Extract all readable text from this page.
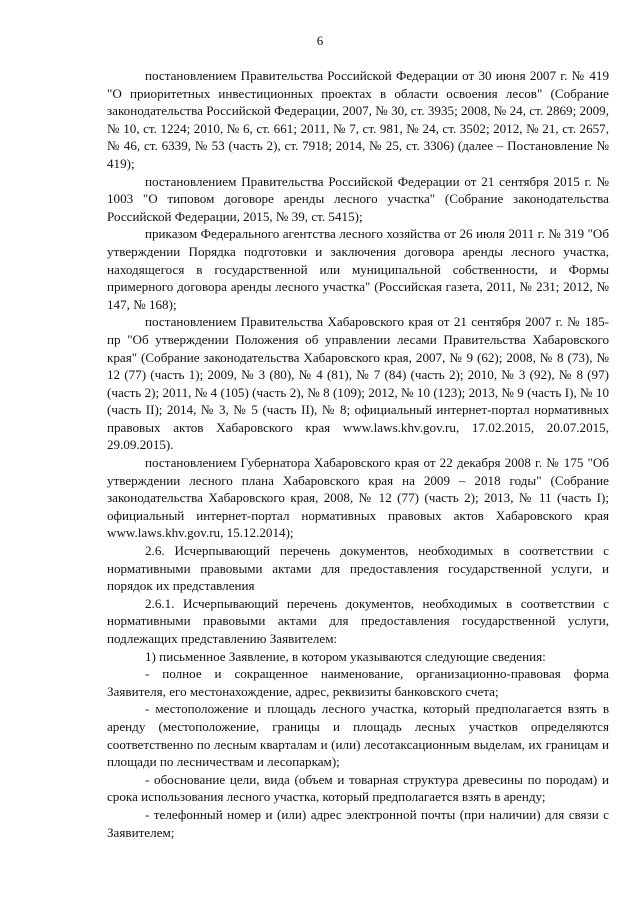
6

постановлением Правительства Российской Федерации от 30 июня 2007 г. № 419 "О приоритетных инвестиционных проектах в области освоения лесов" (Собрание законодательства Российской Федерации, 2007, № 30, ст. 3935; 2008, № 24, ст. 2869; 2009, № 10, ст. 1224; 2010, № 6, ст. 661; 2011, № 7, ст. 981, № 24, ст. 3502; 2012, № 21, ст. 2657, № 46, ст. 6339, № 53 (часть 2), ст. 7918; 2014, № 25, ст. 3306) (далее – Постановление № 419);

постановлением Правительства Российской Федерации от 21 сентября 2015 г. № 1003 "О типовом договоре аренды лесного участка" (Собрание законодательства Российской Федерации, 2015, № 39, ст. 5415);

приказом Федерального агентства лесного хозяйства от 26 июля 2011 г. № 319 "Об утверждении Порядка подготовки и заключения договора аренды лесного участка, находящегося в государственной или муниципальной собственности, и Формы примерного договора аренды лесного участка" (Российская газета, 2011, № 231; 2012, № 147, № 168);

постановлением Правительства Хабаровского края от 21 сентября 2007 г. № 185-пр "Об утверждении Положения об управлении лесами Правительства Хабаровского края" (Собрание законодательства Хабаровского края, 2007, № 9 (62); 2008, № 8 (73), № 12 (77) (часть 1); 2009, № 3 (80), № 4 (81), № 7 (84) (часть 2); 2010, № 3 (92), № 8 (97) (часть 2); 2011, № 4 (105) (часть 2), № 8 (109); 2012, № 10 (123); 2013, № 9 (часть I), № 10 (часть II); 2014, № 3, № 5 (часть II), № 8; официальный интернет-портал нормативных правовых актов Хабаровского края www.laws.khv.gov.ru, 17.02.2015, 20.07.2015, 29.09.2015).

постановлением Губернатора Хабаровского края от 22 декабря 2008 г. № 175 "Об утверждении лесного плана Хабаровского края на 2009 – 2018 годы" (Собрание законодательства Хабаровского края, 2008, № 12 (77) (часть 2); 2013, № 11 (часть I); официальный интернет-портал нормативных правовых актов Хабаровского края www.laws.khv.gov.ru, 15.12.2014);

2.6. Исчерпывающий перечень документов, необходимых в соответствии с нормативными правовыми актами для предоставления государственной услуги, и порядок их представления

2.6.1. Исчерпывающий перечень документов, необходимых в соответствии с нормативными правовыми актами для предоставления государственной услуги, подлежащих представлению Заявителем:

1) письменное Заявление, в котором указываются следующие сведения:

- полное и сокращенное наименование, организационно-правовая форма Заявителя, его местонахождение, адрес, реквизиты банковского счета;

- местоположение и площадь лесного участка, который предполагается взять в аренду (местоположение, границы и площадь лесных участков определяются соответственно по лесным кварталам и (или) лесотаксационным выделам, их границам и площади по лесничествам и лесопаркам);

- обоснование цели, вида (объем и товарная структура древесины по породам) и срока использования лесного участка, который предполагается взять в аренду;

- телефонный номер и (или) адрес электронной почты (при наличии) для связи с Заявителем;
